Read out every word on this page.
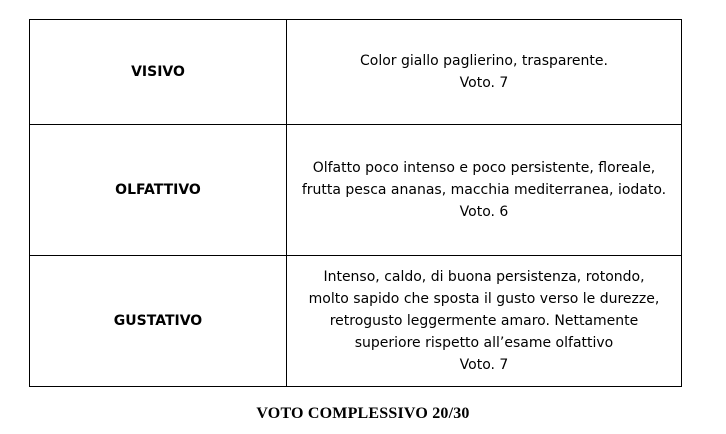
VISIVO	Color giallo paglierino, trasparente.
Voto. 7

OLFATTIVO	Olfatto poco intenso e poco persistente, floreale,
frutta pesca ananas, macchia mediterranea, iodato.
Voto. 6

GUSTATIVO	Intenso, caldo, di buona persistenza, rotondo,
molto sapido che sposta il gusto verso le durezze,
retrogusto leggermente amaro. Nettamente
superiore rispetto all’esame olfattivo
Voto. 7
VOTO COMPLESSIVO 20/30
